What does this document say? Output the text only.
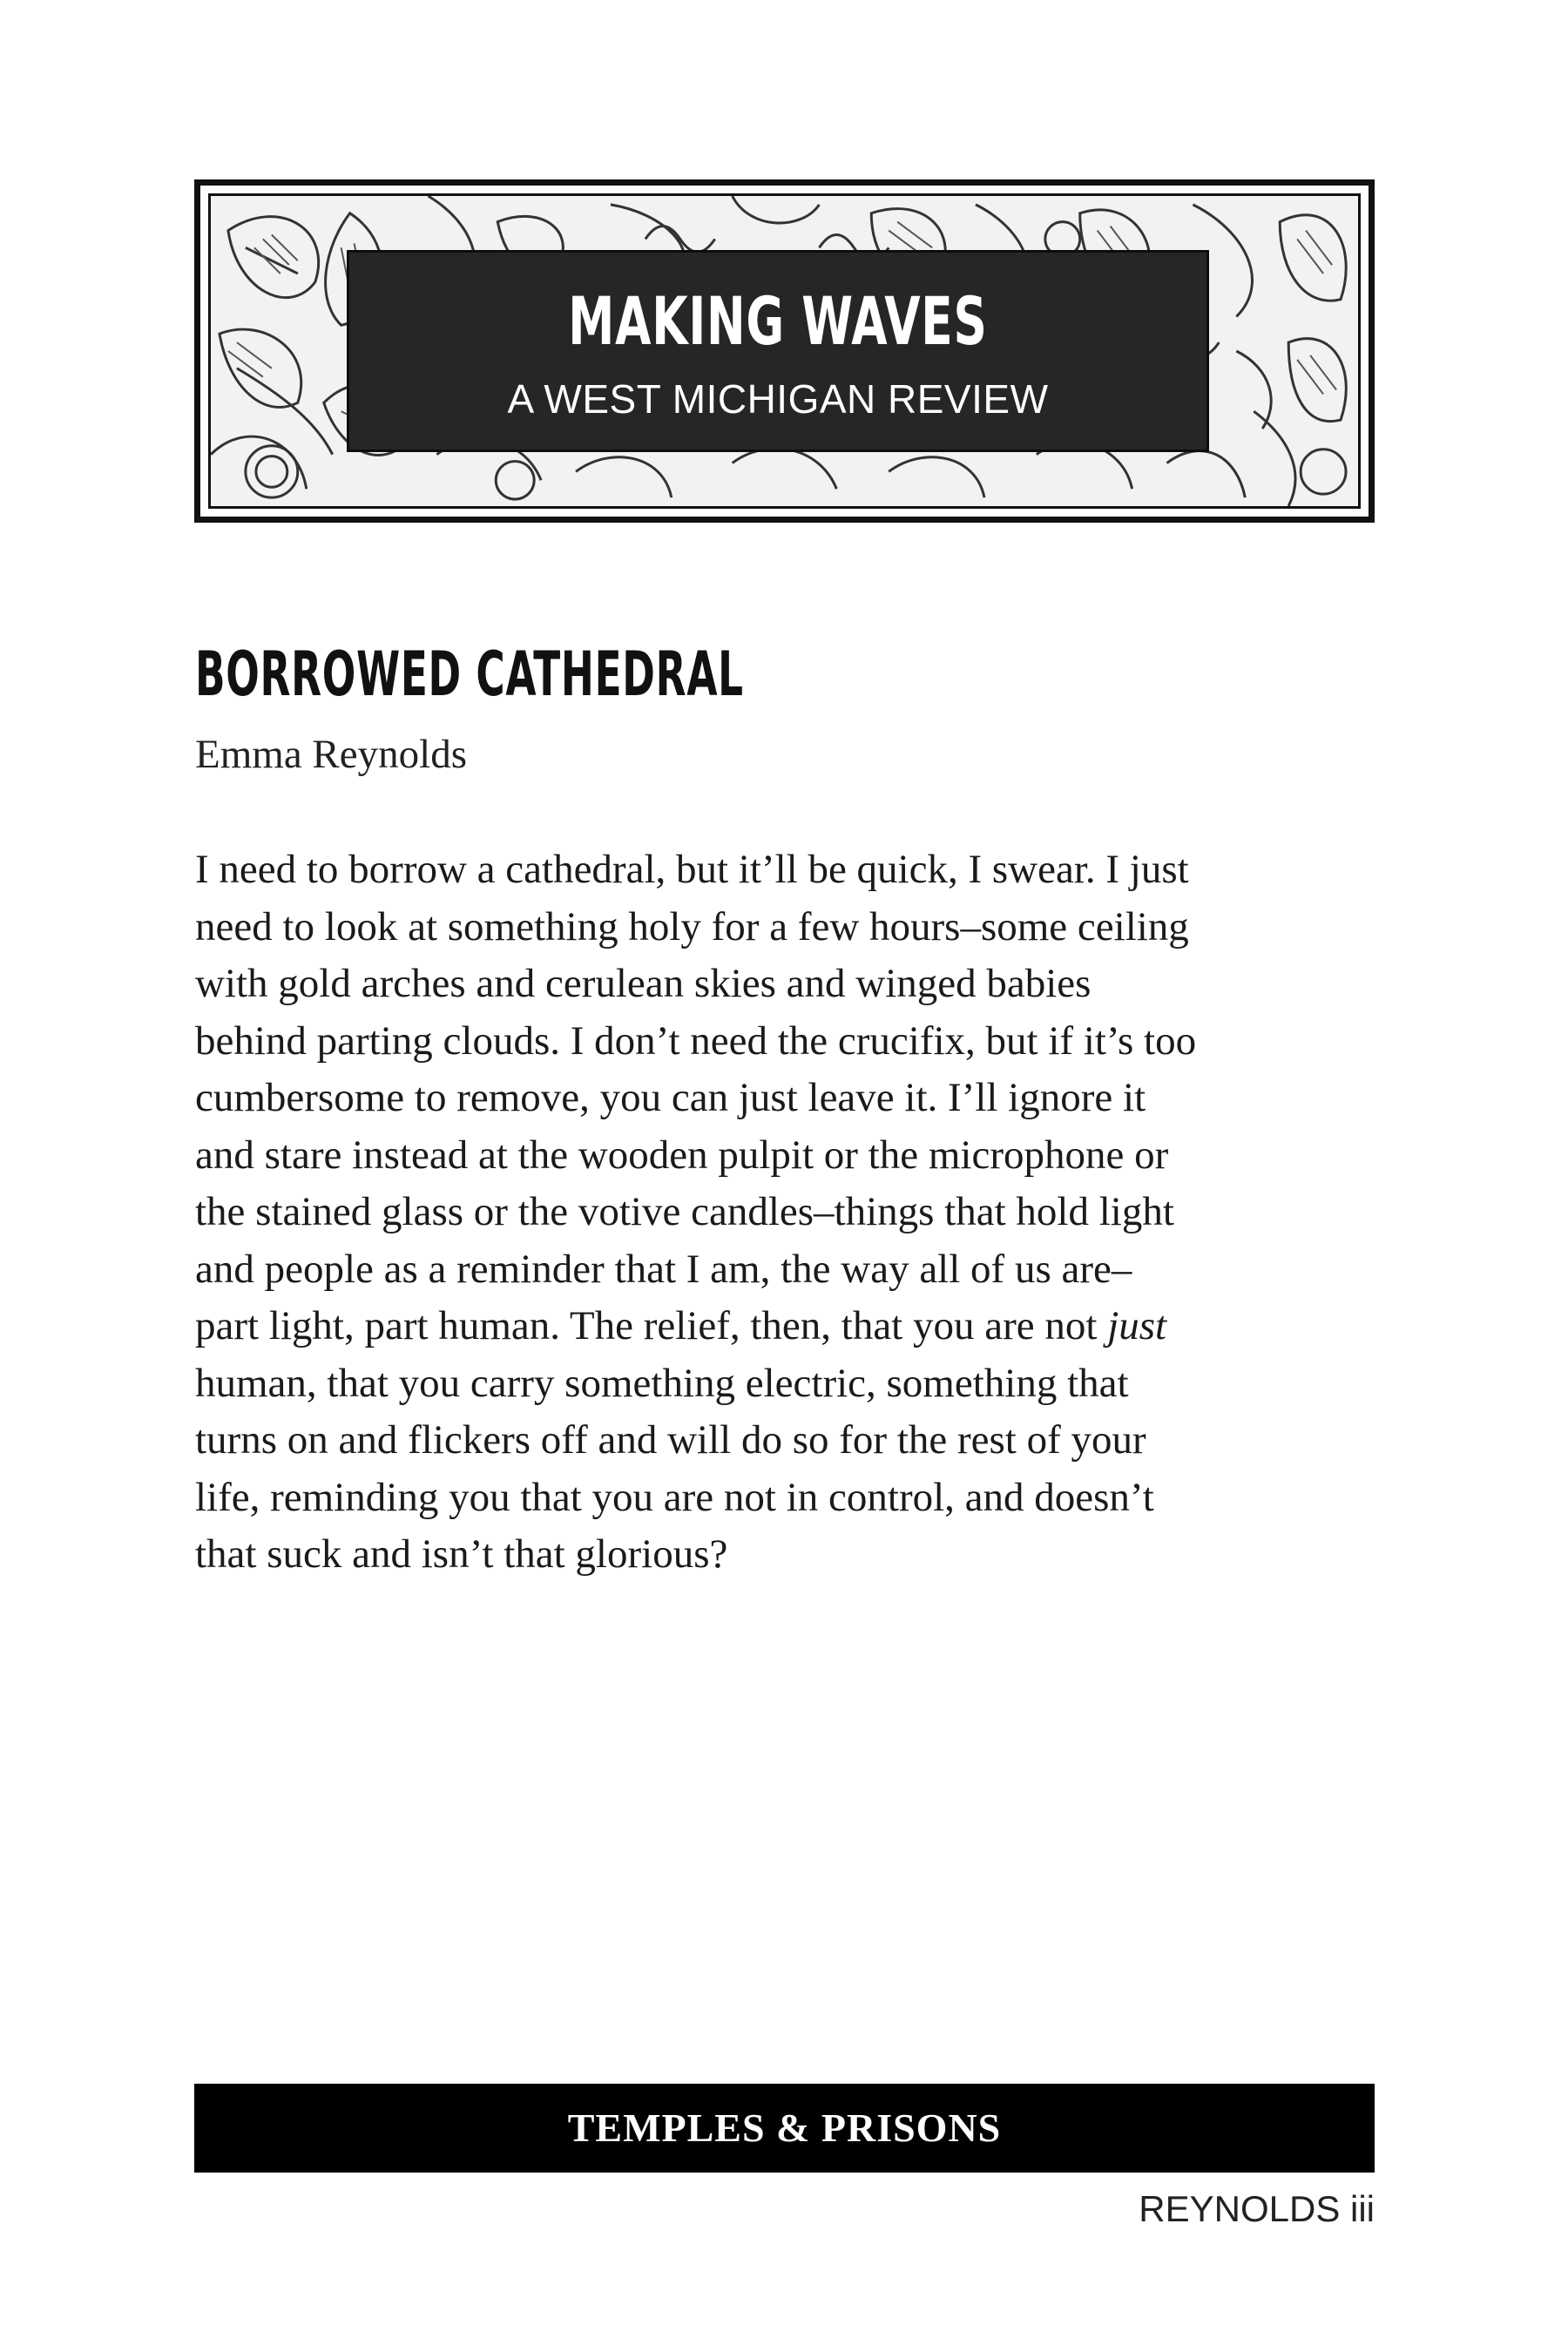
MAKING WAVES
A WEST MICHIGAN REVIEW
BORROWED CATHEDRAL
Emma Reynolds
I need to borrow a cathedral, but it’ll be quick, I swear. I just
need to look at something holy for a few hours–some ceiling
with gold arches and cerulean skies and winged babies
behind parting clouds. I don’t need the crucifix, but if it’s too
cumbersome to remove, you can just leave it. I’ll ignore it
and stare instead at the wooden pulpit or the microphone or
the stained glass or the votive candles–things that hold light
and people as a reminder that I am, the way all of us are–
part light, part human. The relief, then, that you are not just
human, that you carry something electric, something that
turns on and flickers off and will do so for the rest of your
life, reminding you that you are not in control, and doesn’t
that suck and isn’t that glorious?
TEMPLES & PRISONS
REYNOLDS iii
